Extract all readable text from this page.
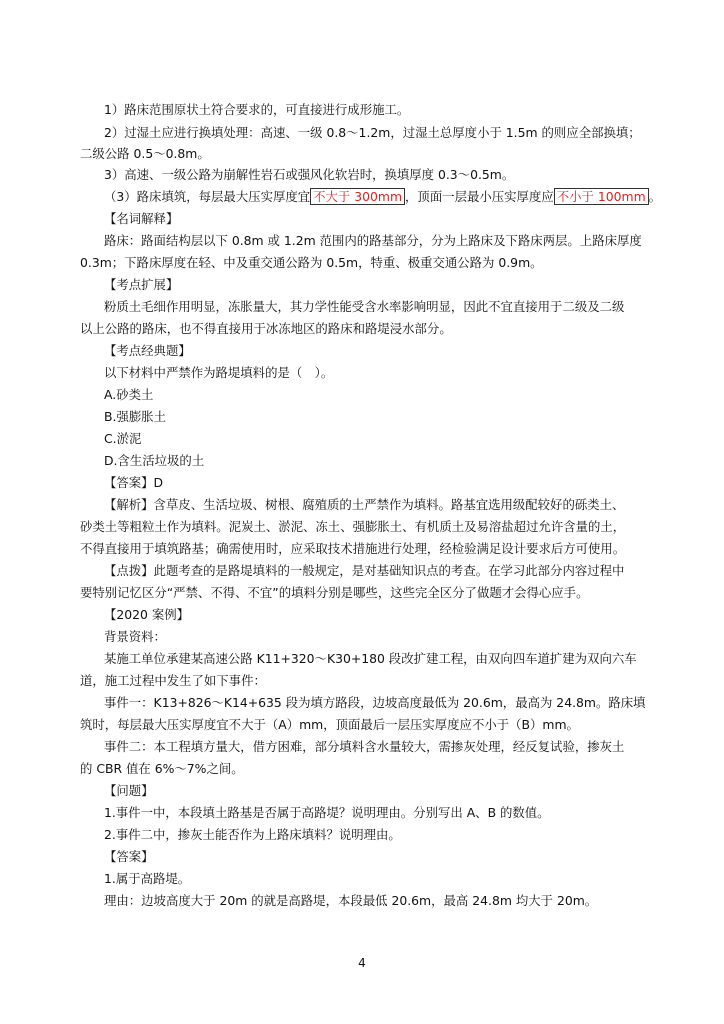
1）路床范围原状土符合要求的，可直接进行成形施工。
2）过湿土应进行换填处理：高速、一级 0.8～1.2m，过湿土总厚度小于 1.5m 的则应全部换填；
二级公路 0.5～0.8m。
3）高速、一级公路为崩解性岩石或强风化软岩时，换填厚度 0.3～0.5m。
（3）路床填筑，每层最大压实厚度宜 不大于 300mm ，顶面一层最小压实厚度应 不小于 100mm 。
【名词解释】
路床：路面结构层以下 0.8m 或 1.2m 范围内的路基部分，分为上路床及下路床两层。上路床厚度
0.3m；下路床厚度在轻、中及重交通公路为 0.5m，特重、极重交通公路为 0.9m。
【考点扩展】
粉质土毛细作用明显，冻胀量大，其力学性能受含水率影响明显，因此不宜直接用于二级及二级
以上公路的路床，也不得直接用于冰冻地区的路床和路堤浸水部分。
【考点经典题】
以下材料中严禁作为路堤填料的是（　）。
A.砂类土
B.强膨胀土
C.淤泥
D.含生活垃圾的土
【答案】D
【解析】含草皮、生活垃圾、树根、腐殖质的土严禁作为填料。路基宜选用级配较好的砾类土、
砂类土等粗粒土作为填料。泥炭土、淤泥、冻土、强膨胀土、有机质土及易溶盐超过允许含量的土，
不得直接用于填筑路基；确需使用时，应采取技术措施进行处理，经检验满足设计要求后方可使用。
【点拨】此题考查的是路堤填料的一般规定，是对基础知识点的考查。在学习此部分内容过程中
要特别记忆区分“严禁、不得、不宜”的填料分别是哪些，这些完全区分了做题才会得心应手。
【2020 案例】
背景资料：
某施工单位承建某高速公路 K11+320～K30+180 段改扩建工程，由双向四车道扩建为双向六车
道，施工过程中发生了如下事件：
事件一：K13+826～K14+635 段为填方路段，边坡高度最低为 20.6m，最高为 24.8m。路床填
筑时，每层最大压实厚度宜不大于（A）mm，顶面最后一层压实厚度应不小于（B）mm。
事件二：本工程填方量大，借方困难，部分填料含水量较大，需掺灰处理，经反复试验，掺灰土
的 CBR 值在 6%～7%之间。
【问题】
1.事件一中，本段填土路基是否属于高路堤？说明理由。分别写出 A、B 的数值。
2.事件二中，掺灰土能否作为上路床填料？说明理由。
【答案】
1.属于高路堤。
理由：边坡高度大于 20m 的就是高路堤，本段最低 20.6m，最高 24.8m 均大于 20m。
4
